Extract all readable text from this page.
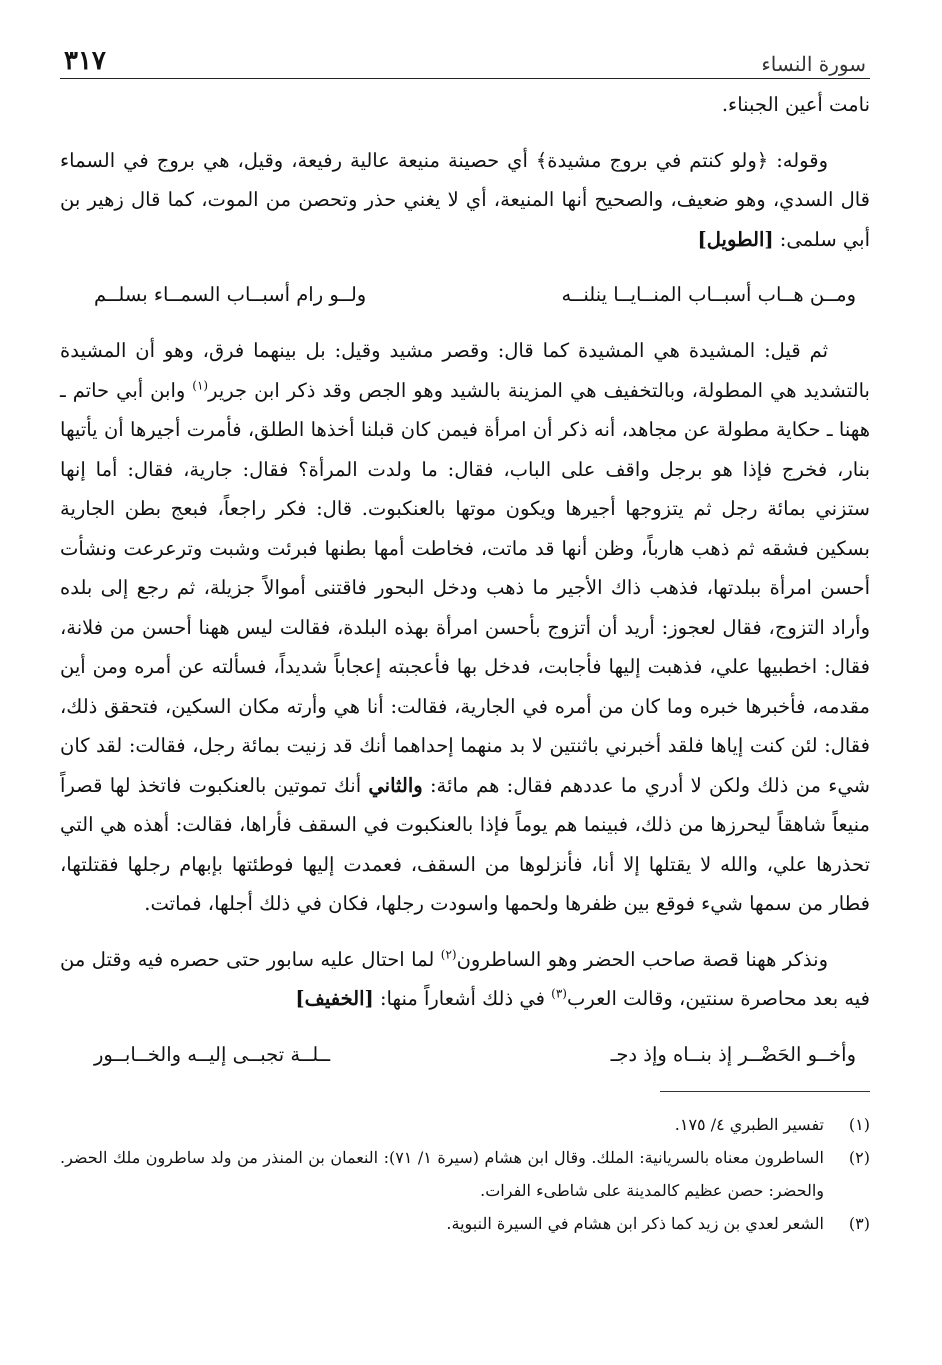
سورة النساء
٣١٧

نامت أعين الجبناء.

وقوله: ﴿ولو كنتم في بروج مشيدة﴾ أي حصينة منيعة عالية رفيعة، وقيل، هي بروج في السماء قال السدي، وهو ضعيف، والصحيح أنها المنيعة، أي لا يغني حذر وتحصن من الموت، كما قال زهير بن أبي سلمى: [الطويل]

ومــن هــاب أسبــاب المنــايــا ينلنــه
ولــو رام أسبــاب السمــاء بسلــم

ثم قيل: المشيدة هي المشيدة كما قال: وقصر مشيد وقيل: بل بينهما فرق، وهو أن المشيدة بالتشديد هي المطولة، وبالتخفيف هي المزينة بالشيد وهو الجص وقد ذكر ابن جرير$^{(١)}$ وابن أبي حاتم ـ ههنا ـ حكاية مطولة عن مجاهد، أنه ذكر أن امرأة فيمن كان قبلنا أخذها الطلق، فأمرت أجيرها أن يأتيها بنار، فخرج فإذا هو برجل واقف على الباب، فقال: ما ولدت المرأة؟ فقال: جارية، فقال: أما إنها ستزني بمائة رجل ثم يتزوجها أجيرها ويكون موتها بالعنكبوت. قال: فكر راجعاً، فبعج بطن الجارية بسكين فشقه ثم ذهب هارباً، وظن أنها قد ماتت، فخاطت أمها بطنها فبرئت وشبت وترعرعت ونشأت أحسن امرأة ببلدتها، فذهب ذاك الأجير ما ذهب ودخل البحور فاقتنى أموالاً جزيلة، ثم رجع إلى بلده وأراد التزوج، فقال لعجوز: أريد أن أتزوج بأحسن امرأة بهذه البلدة، فقالت ليس ههنا أحسن من فلانة، فقال: اخطبيها علي، فذهبت إليها فأجابت، فدخل بها فأعجبته إعجاباً شديداً، فسألته عن أمره ومن أين مقدمه، فأخبرها خبره وما كان من أمره في الجارية، فقالت: أنا هي وأرته مكان السكين، فتحقق ذلك، فقال: لئن كنت إياها فلقد أخبرني باثنتين لا بد منهما إحداهما أنك قد زنيت بمائة رجل، فقالت: لقد كان شيء من ذلك ولكن لا أدري ما عددهم فقال: هم مائة: والثاني أنك تموتين بالعنكبوت فاتخذ لها قصراً منيعاً شاهقاً ليحرزها من ذلك، فبينما هم يوماً فإذا بالعنكبوت في السقف فأراها، فقالت: أهذه هي التي تحذرها علي، والله لا يقتلها إلا أنا، فأنزلوها من السقف، فعمدت إليها فوطئتها بإبهام رجلها فقتلتها، فطار من سمها شيء فوقع بين ظفرها ولحمها واسودت رجلها، فكان في ذلك أجلها، فماتت.

ونذكر ههنا قصة صاحب الحضر وهو الساطرون$^{(٢)}$ لما احتال عليه سابور حتى حصره فيه وقتل من فيه بعد محاصرة سنتين، وقالت العرب$^{(٣)}$ في ذلك أشعاراً منها: [الخفيف]

وأخــو الحَضْــر إذ بنــاه وإذ دجـ
ــلــة تجبــى إليــه والخــابــور
(١)
تفسير الطبري ٤/ ١٧٥.
(٢)
الساطرون معناه بالسريانية: الملك. وقال ابن هشام (سيرة ١/ ٧١): النعمان بن المنذر من ولد ساطرون ملك الحضر. والحضر: حصن عظيم كالمدينة على شاطىء الفرات.
(٣)
الشعر لعدي بن زيد كما ذكر ابن هشام في السيرة النبوية.
